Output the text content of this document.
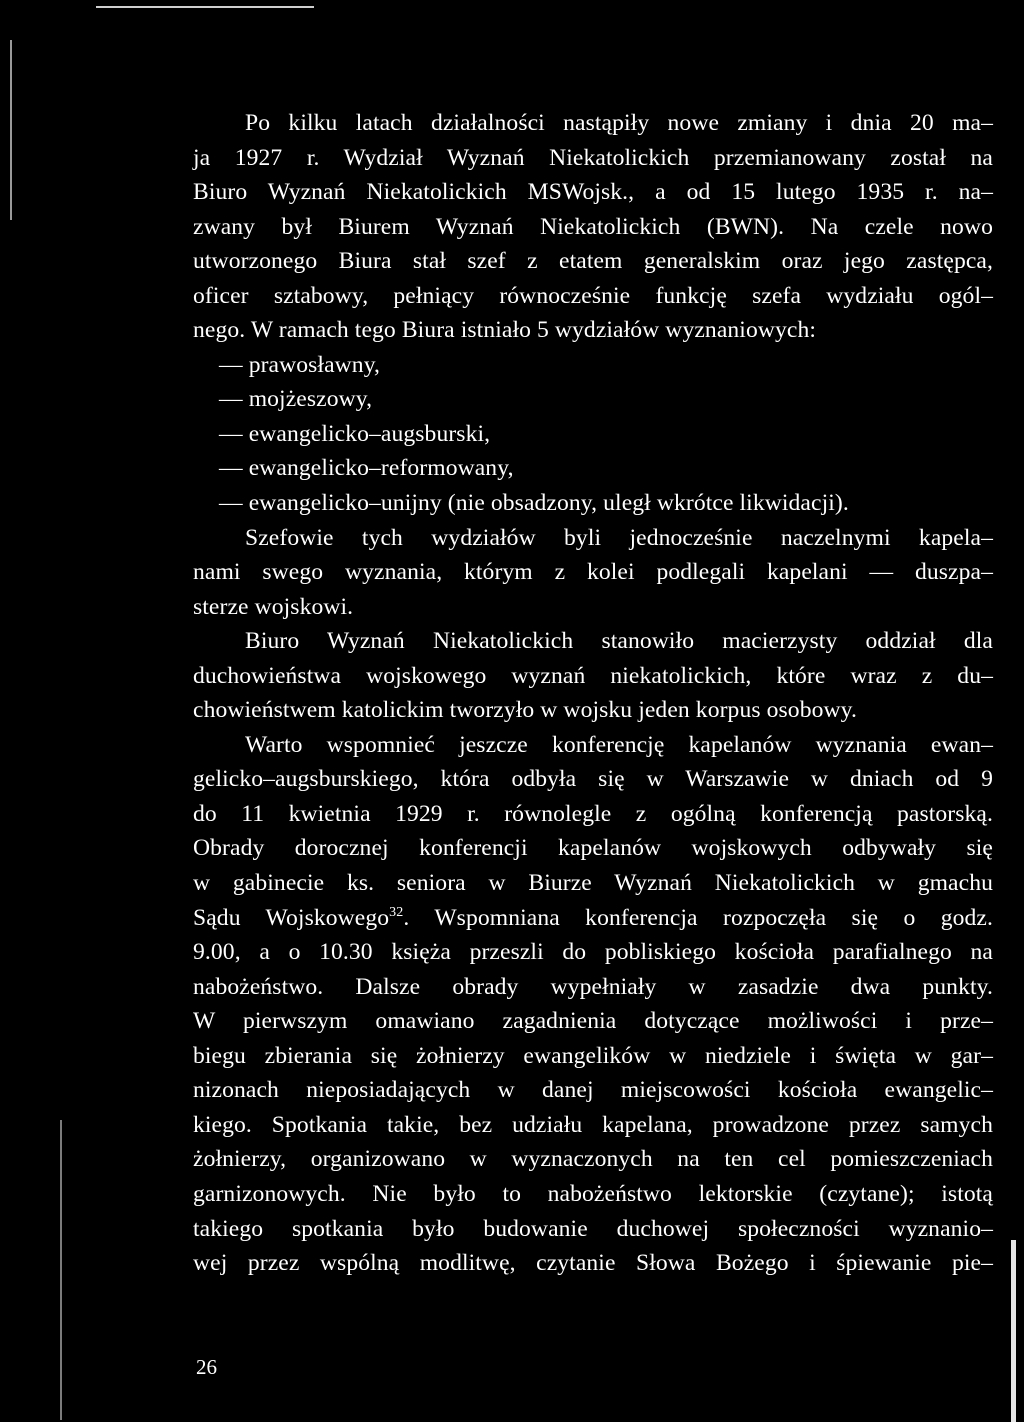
Po kilku latach działalności nastąpiły nowe zmiany i dnia 20 ma–
ja 1927 r. Wydział Wyznań Niekatolickich przemianowany został na
Biuro Wyznań Niekatolickich MSWojsk., a od 15 lutego 1935 r. na–
zwany był Biurem Wyznań Niekatolickich (BWN). Na czele nowo
utworzonego Biura stał szef z etatem generalskim oraz jego zastępca,
oficer sztabowy, pełniący równocześnie funkcję szefa wydziału ogól–
nego. W ramach tego Biura istniało 5 wydziałów wyznaniowych:
— prawosławny,
— mojżeszowy,
— ewangelicko–augsburski,
— ewangelicko–reformowany,
— ewangelicko–unijny (nie obsadzony, uległ wkrótce likwidacji).
Szefowie tych wydziałów byli jednocześnie naczelnymi kapela–
nami swego wyznania, którym z kolei podlegali kapelani — duszpa–
sterze wojskowi.
Biuro Wyznań Niekatolickich stanowiło macierzysty oddział dla
duchowieństwa wojskowego wyznań niekatolickich, które wraz z du–
chowieństwem katolickim tworzyło w wojsku jeden korpus osobowy.
Warto wspomnieć jeszcze konferencję kapelanów wyznania ewan–
gelicko–augsburskiego, która odbyła się w Warszawie w dniach od 9
do 11 kwietnia 1929 r. równolegle z ogólną konferencją pastorską.
Obrady dorocznej konferencji kapelanów wojskowych odbywały się
w gabinecie ks. seniora w Biurze Wyznań Niekatolickich w gmachu
Sądu Wojskowego$^{32}$. Wspomniana konferencja rozpoczęła się o godz.
9.00, a o 10.30 księża przeszli do pobliskiego kościoła parafialnego na
nabożeństwo. Dalsze obrady wypełniały w zasadzie dwa punkty.
W pierwszym omawiano zagadnienia dotyczące możliwości i prze–
biegu zbierania się żołnierzy ewangelików w niedziele i święta w gar–
nizonach nieposiadających w danej miejscowości kościoła ewangelic–
kiego. Spotkania takie, bez udziału kapelana, prowadzone przez samych
żołnierzy, organizowano w wyznaczonych na ten cel pomieszczeniach
garnizonowych. Nie było to nabożeństwo lektorskie (czytane); istotą
takiego spotkania było budowanie duchowej społeczności wyznanio–
wej przez wspólną modlitwę, czytanie Słowa Bożego i śpiewanie pie–
26
